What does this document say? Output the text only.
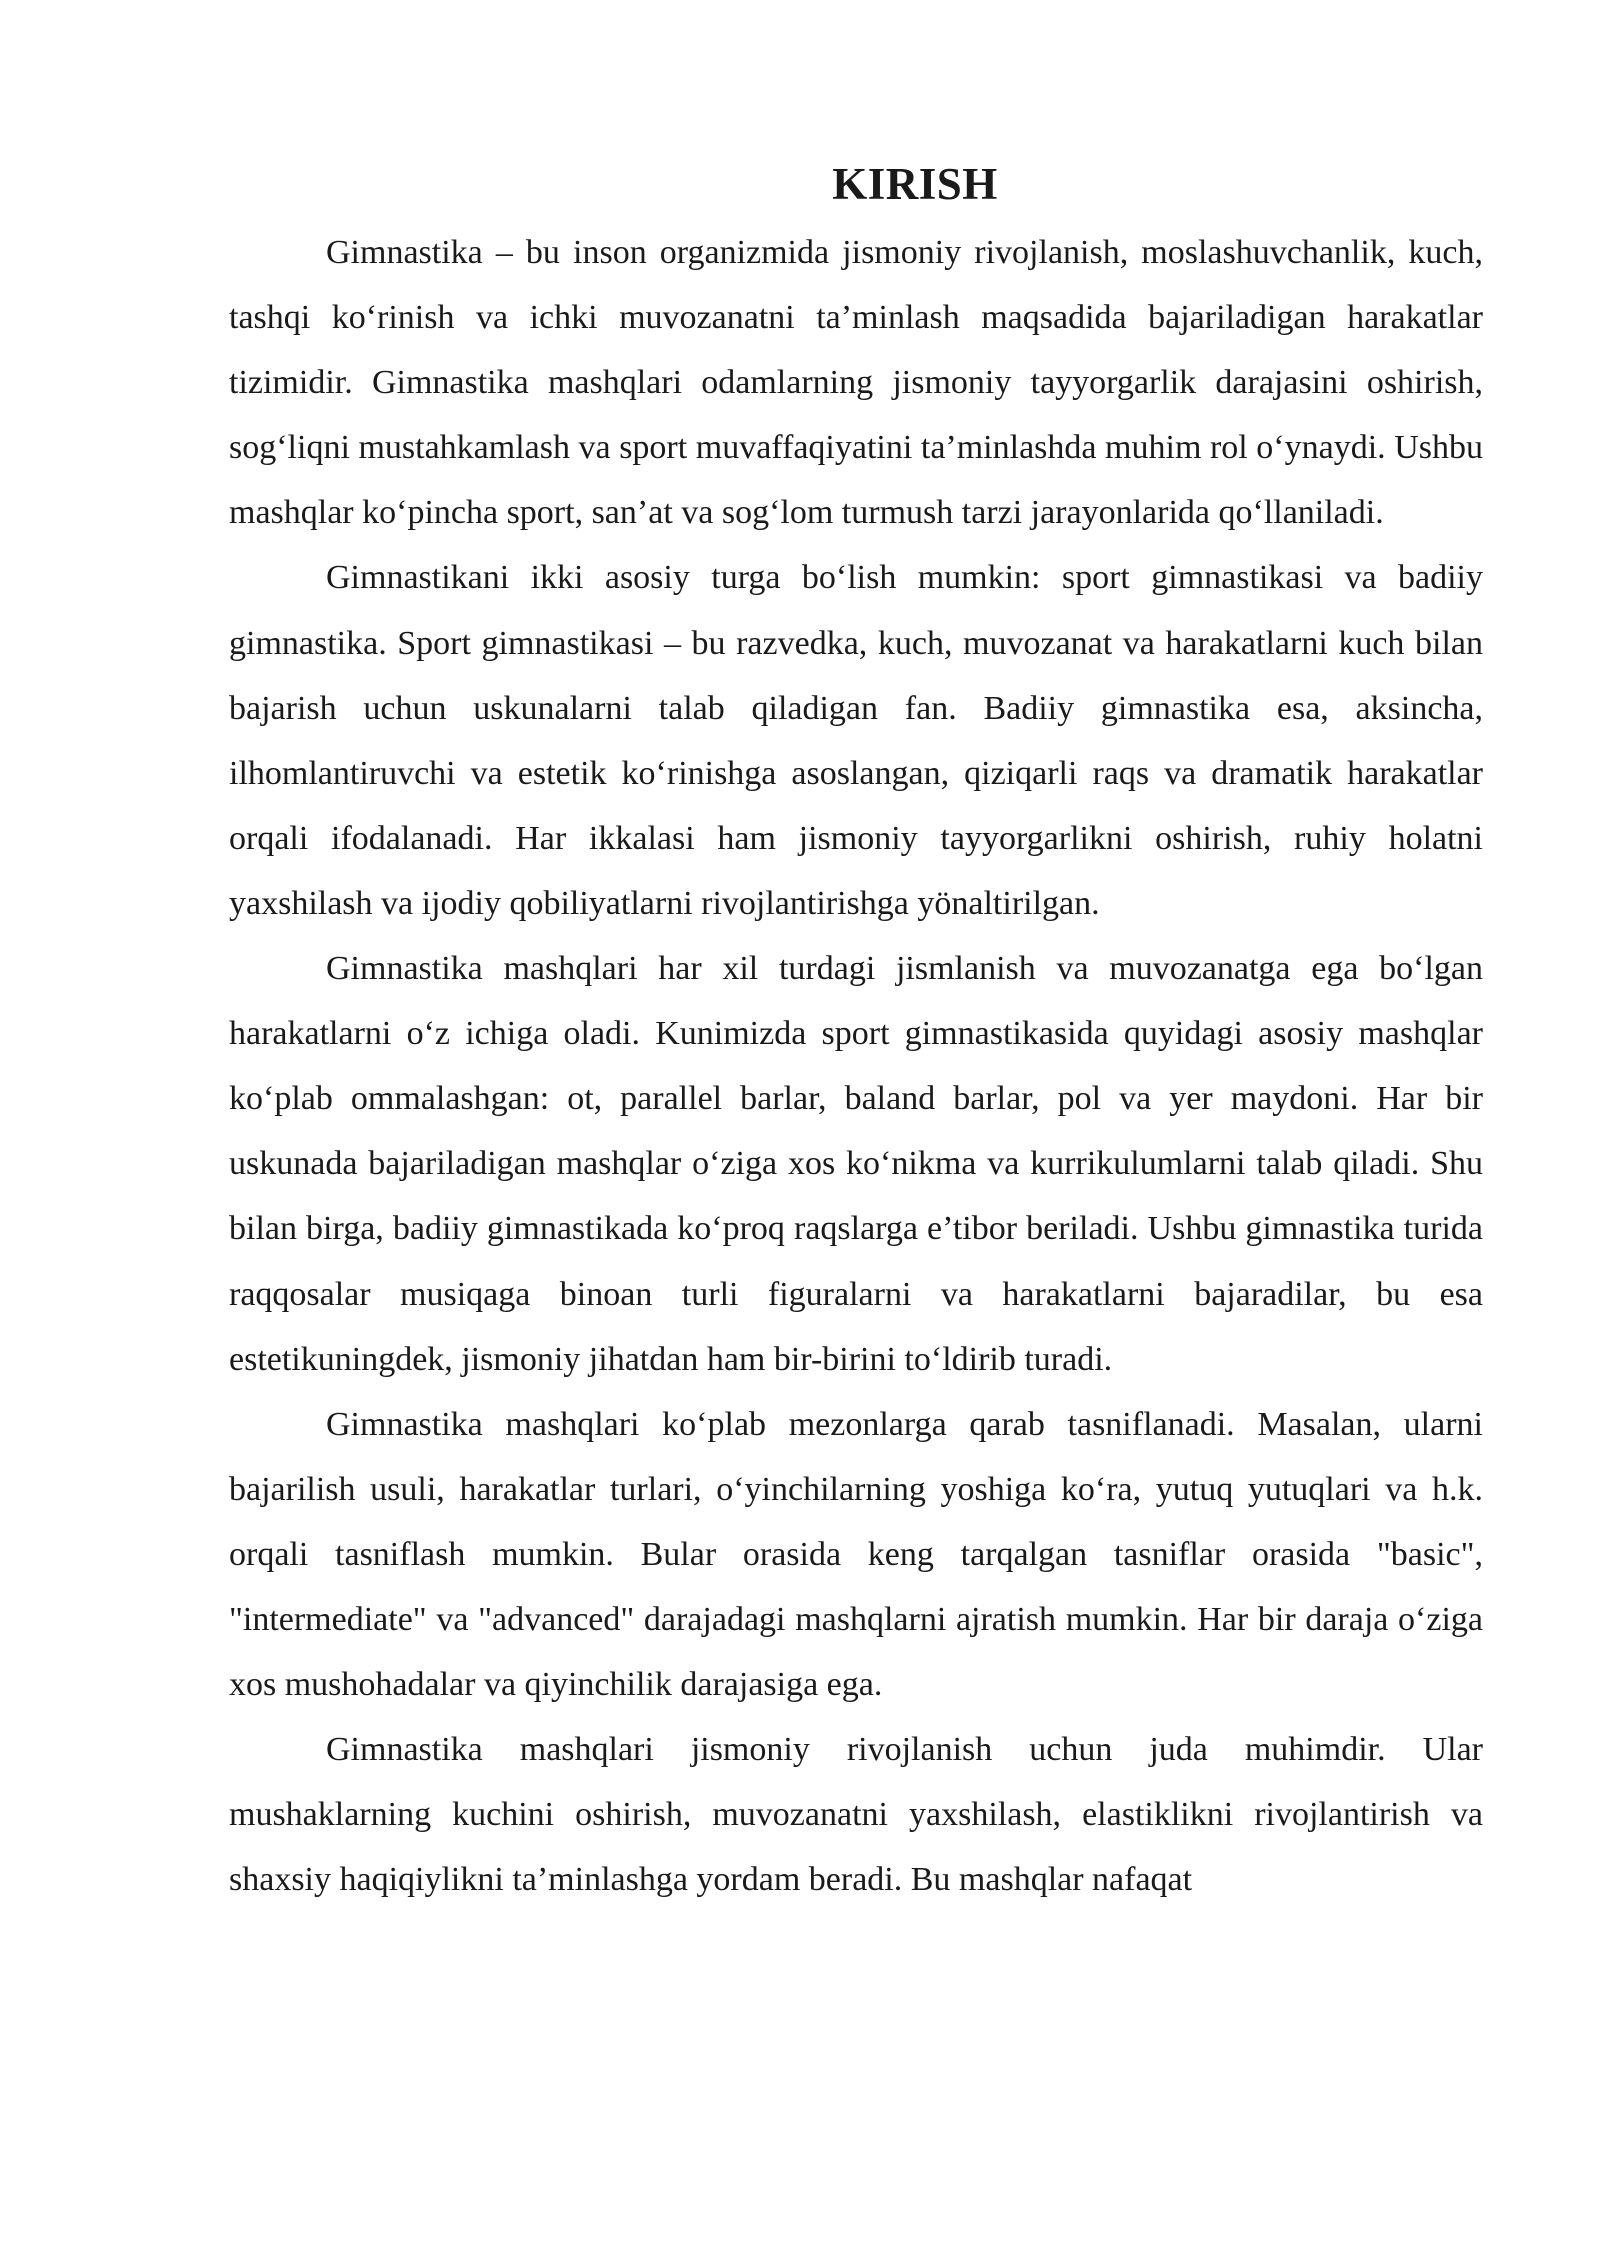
KIRISH

Gimnastika – bu inson organizmida jismoniy rivojlanish, moslashuvchanlik, kuch, tashqi ko‘rinish va ichki muvozanatni ta’minlash maqsadida bajariladigan harakatlar tizimidir. Gimnastika mashqlari odamlarning jismoniy tayyorgarlik darajasini oshirish, sog‘liqni mustahkamlash va sport muvaffaqiyatini ta’minlashda muhim rol o‘ynaydi. Ushbu mashqlar ko‘pincha sport, san’at va sog‘lom turmush tarzi jarayonlarida qo‘llaniladi.

Gimnastikani ikki asosiy turga bo‘lish mumkin: sport gimnastikasi va badiiy gimnastika. Sport gimnastikasi – bu razvedka, kuch, muvozanat va harakatlarni kuch bilan bajarish uchun uskunalarni talab qiladigan fan. Badiiy gimnastika esa, aksincha, ilhomlantiruvchi va estetik ko‘rinishga asoslangan, qiziqarli raqs va dramatik harakatlar orqali ifodalanadi. Har ikkalasi ham jismoniy tayyorgarlikni oshirish, ruhiy holatni yaxshilash va ijodiy qobiliyatlarni rivojlantirishga yönaltirilgan.

Gimnastika mashqlari har xil turdagi jismlanish va muvozanatga ega bo‘lgan harakatlarni o‘z ichiga oladi. Kunimizda sport gimnastikasida quyidagi asosiy mashqlar ko‘plab ommalashgan: ot, parallel barlar, baland barlar, pol va yer maydoni. Har bir uskunada bajariladigan mashqlar o‘ziga xos ko‘nikma va kurrikulumlarni talab qiladi. Shu bilan birga, badiiy gimnastikada ko‘proq raqslarga e’tibor beriladi. Ushbu gimnastika turida raqqosalar musiqaga binoan turli figuralarni va harakatlarni bajaradilar, bu esa estetikuningdek, jismoniy jihatdan ham bir-birini to‘ldirib turadi.

Gimnastika mashqlari ko‘plab mezonlarga qarab tasniflanadi. Masalan, ularni bajarilish usuli, harakatlar turlari, o‘yinchilarning yoshiga ko‘ra, yutuq yutuqlari va h.k. orqali tasniflash mumkin. Bular orasida keng tarqalgan tasniflar orasida "basic", "intermediate" va "advanced" darajadagi mashqlarni ajratish mumkin. Har bir daraja o‘ziga xos mushohadalar va qiyinchilik darajasiga ega.

Gimnastika mashqlari jismoniy rivojlanish uchun juda muhimdir. Ular mushaklarning kuchini oshirish, muvozanatni yaxshilash, elastiklikni rivojlantirish va shaxsiy haqiqiylikni ta’minlashga yordam beradi. Bu mashqlar nafaqat
